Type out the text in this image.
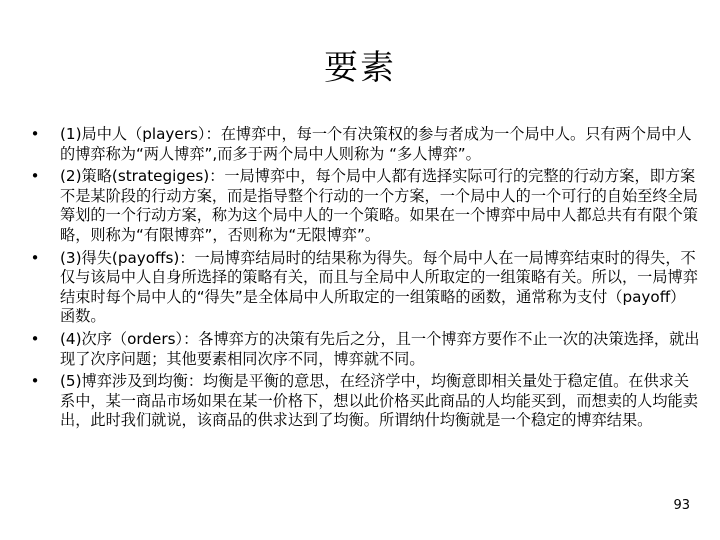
要素
• (1)局中人（players）：在博弈中，每一个有决策权的参与者成为一个局中人。只有两个局中人的博弈称为“两人博弈”,而多于两个局中人则称为 “多人博弈”。
• (2)策略(strategiges)：一局博弈中，每个局中人都有选择实际可行的完整的行动方案，即方案不是某阶段的行动方案，而是指导整个行动的一个方案，一个局中人的一个可行的自始至终全局筹划的一个行动方案，称为这个局中人的一个策略。如果在一个博弈中局中人都总共有有限个策略，则称为“有限博弈”，否则称为“无限博弈”。
• (3)得失(payoffs)：一局博弈结局时的结果称为得失。每个局中人在一局博弈结束时的得失，不仅与该局中人自身所选择的策略有关，而且与全局中人所取定的一组策略有关。所以，一局博弈结束时每个局中人的“得失”是全体局中人所取定的一组策略的函数，通常称为支付（payoff）函数。
• (4)次序（orders）：各博弈方的决策有先后之分，且一个博弈方要作不止一次的决策选择，就出现了次序问题；其他要素相同次序不同，博弈就不同。
• (5)博弈涉及到均衡：均衡是平衡的意思，在经济学中，均衡意即相关量处于稳定值。在供求关系中，某一商品市场如果在某一价格下，想以此价格买此商品的人均能买到，而想卖的人均能卖出，此时我们就说，该商品的供求达到了均衡。所谓纳什均衡就是一个稳定的博弈结果。
93
